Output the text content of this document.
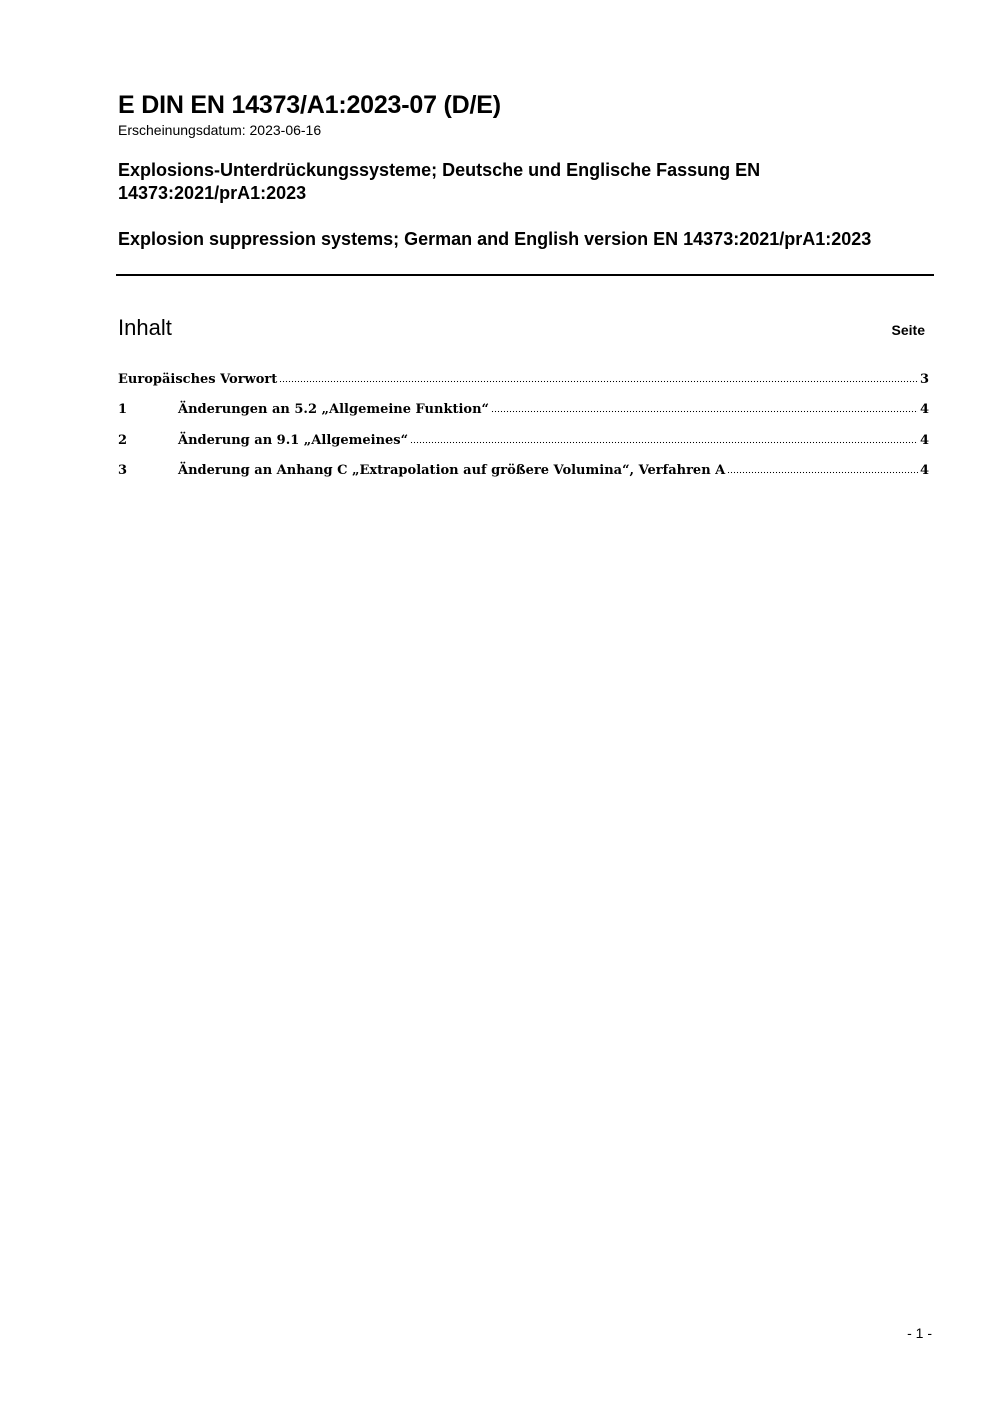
E DIN EN 14373/A1:2023-07 (D/E)
Erscheinungsdatum: 2023-06-16
Explosions-Unterdrückungssysteme; Deutsche und Englische Fassung EN 14373:2021/prA1:2023
Explosion suppression systems; German and English version EN 14373:2021/prA1:2023
Inhalt	Seite
Europäisches Vorwort	3
1	Änderungen an 5.2 „Allgemeine Funktion“	4
2	Änderung an 9.1 „Allgemeines“	4
3	Änderung an Anhang C „Extrapolation auf größere Volumina“, Verfahren A	4
- 1 -
